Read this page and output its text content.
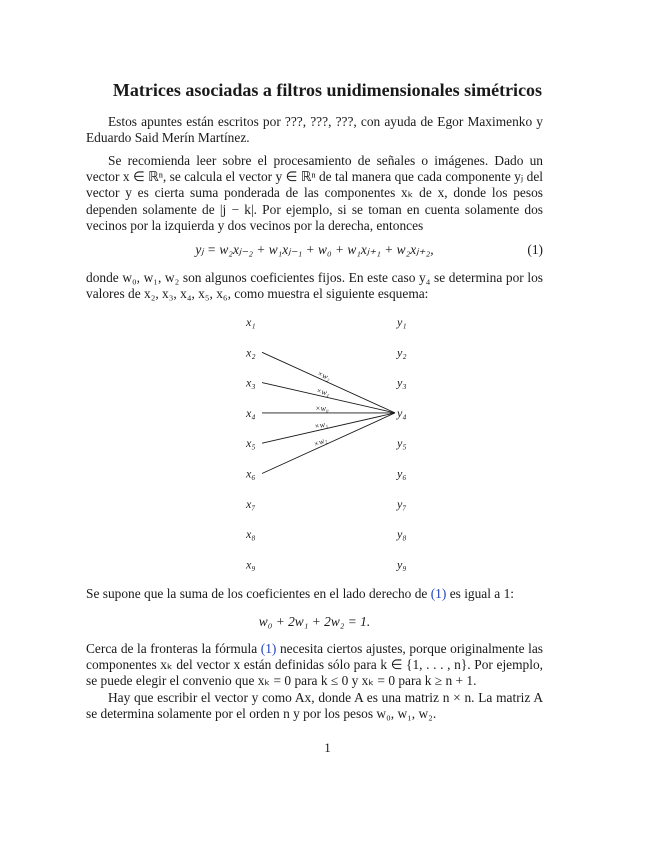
Matrices asociadas a filtros unidimensionales simétricos

Estos apuntes están escritos por ???, ???, ???, con ayuda de Egor Maximenko y Eduardo Said Merín Martínez.

Se recomienda leer sobre el procesamiento de señales o imágenes. Dado un vector x ∈ ℝⁿ, se calcula el vector y ∈ ℝⁿ de tal manera que cada componente yⱼ del vector y es cierta suma ponderada de las componentes xₖ de x, donde los pesos dependen solamente de |j − k|. Por ejemplo, si se toman en cuenta solamente dos vecinos por la izquierda y dos vecinos por la derecha, entonces

yⱼ = w₂xⱼ₋₂ + w₁xⱼ₋₁ + w₀ + w₁xⱼ₊₁ + w₂xⱼ₊₂,	(1)

donde w₀, w₁, w₂ son algunos coeficientes fijos. En este caso y₄ se determina por los valores de x₂, x₃, x₄, x₅, x₆, como muestra el siguiente esquema:

x₁
x₂
x₃
x₄
x₅
x₆
x₇
x₈
x₉
y₁
y₂
y₃
y₄
y₅
y₆
y₇
y₈
y₉
×w₂
×w₁
×w₀
×w₁
×w₂

Se supone que la suma de los coeficientes en el lado derecho de (1) es igual a 1:

w₀ + 2w₁ + 2w₂ = 1.

Cerca de la fronteras la fórmula (1) necesita ciertos ajustes, porque originalmente las componentes xₖ del vector x están definidas sólo para k ∈ {1, . . . , n}. Por ejemplo, se puede elegir el convenio que xₖ = 0 para k ≤ 0 y xₖ = 0 para k ≥ n + 1.

Hay que escribir el vector y como Ax, donde A es una matriz n × n. La matriz A se determina solamente por el orden n y por los pesos w₀, w₁, w₂.

1
